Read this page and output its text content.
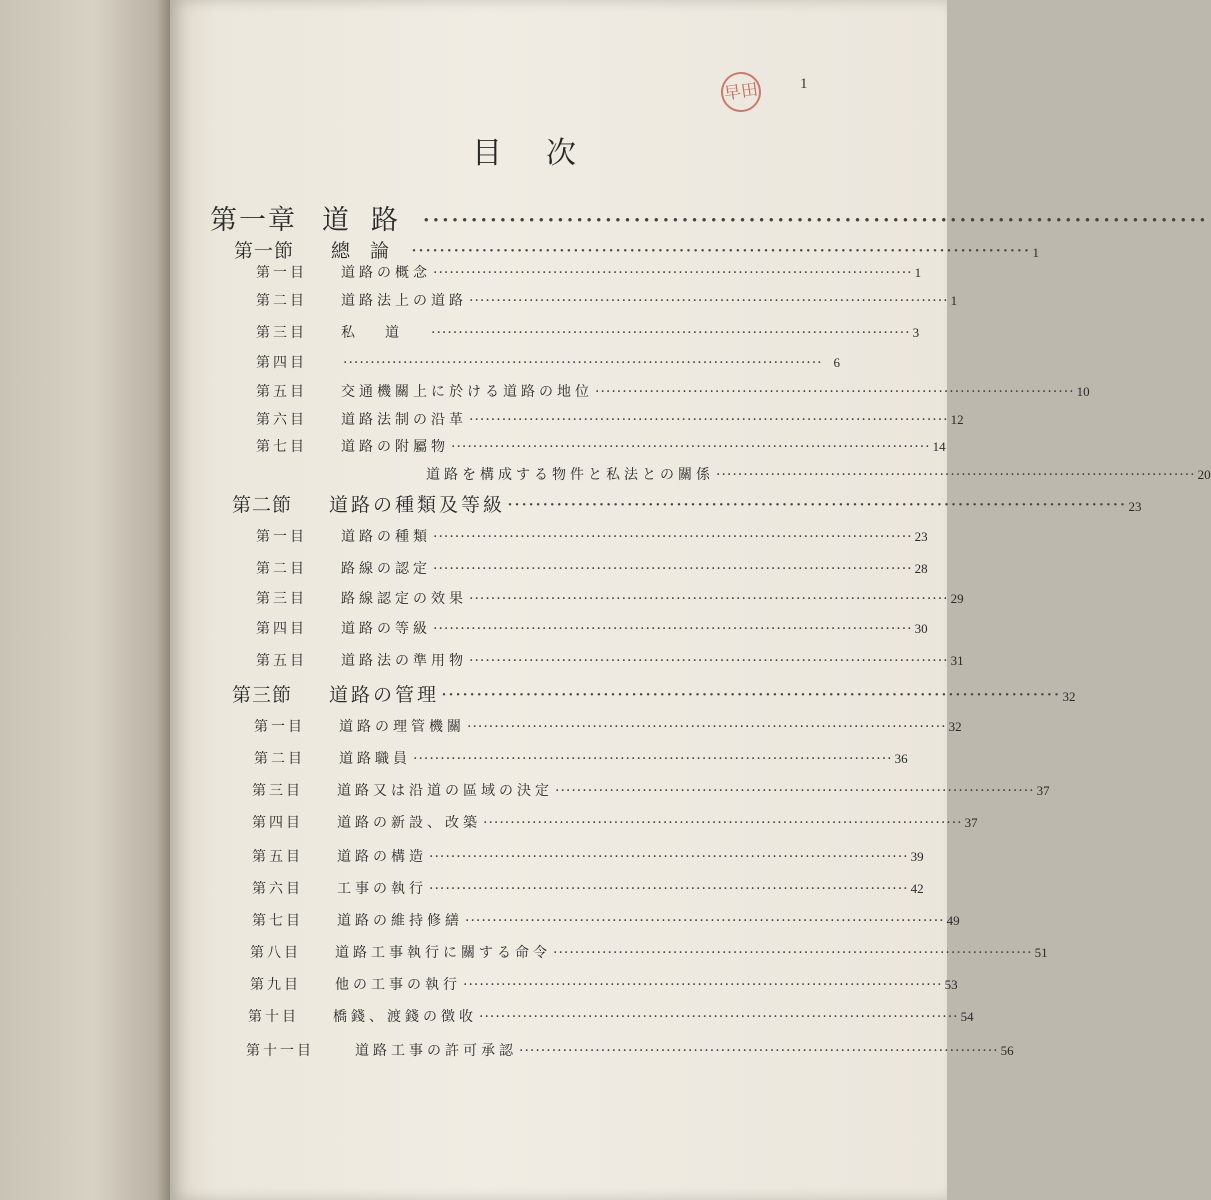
1
早田
目次
第一章 道路 ··················································································
第一節	總論 ························································································ 1
第一目	道路の概念 ························································································ 1
第二目	道路法上の道路 ························································································ 1
第三目	私道 ························································································ 3
第四目	························································································ 6
第五目	交通機關上に於ける道路の地位 ························································································ 10
第六目	道路法制の沿革 ························································································ 12
第七目	道路の附屬物 ························································································ 14
道路を構成する物件と私法との關係 ························································································ 20
第二節	道路の種類及等級 ························································································ 23
第一目	道路の種類 ························································································ 23
第二目	路線の認定 ························································································ 28
第三目	路線認定の效果 ························································································ 29
第四目	道路の等級 ························································································ 30
第五目	道路法の準用物 ························································································ 31
第三節	道路の管理 ························································································ 32
第一目	道路の理管機關 ························································································ 32
第二目	道路職員 ························································································ 36
第三目	道路又は沿道の區域の決定 ························································································ 37
第四目	道路の新設、改築 ························································································ 37
第五目	道路の構造 ························································································ 39
第六目	工事の執行 ························································································ 42
第七目	道路の維持修繕 ························································································ 49
第八目	道路工事執行に關する命令 ························································································ 51
第九目	他の工事の執行 ························································································ 53
第十目	橋錢、渡錢の徴收 ························································································ 54
第十一目	道路工事の許可承認 ························································································ 56
